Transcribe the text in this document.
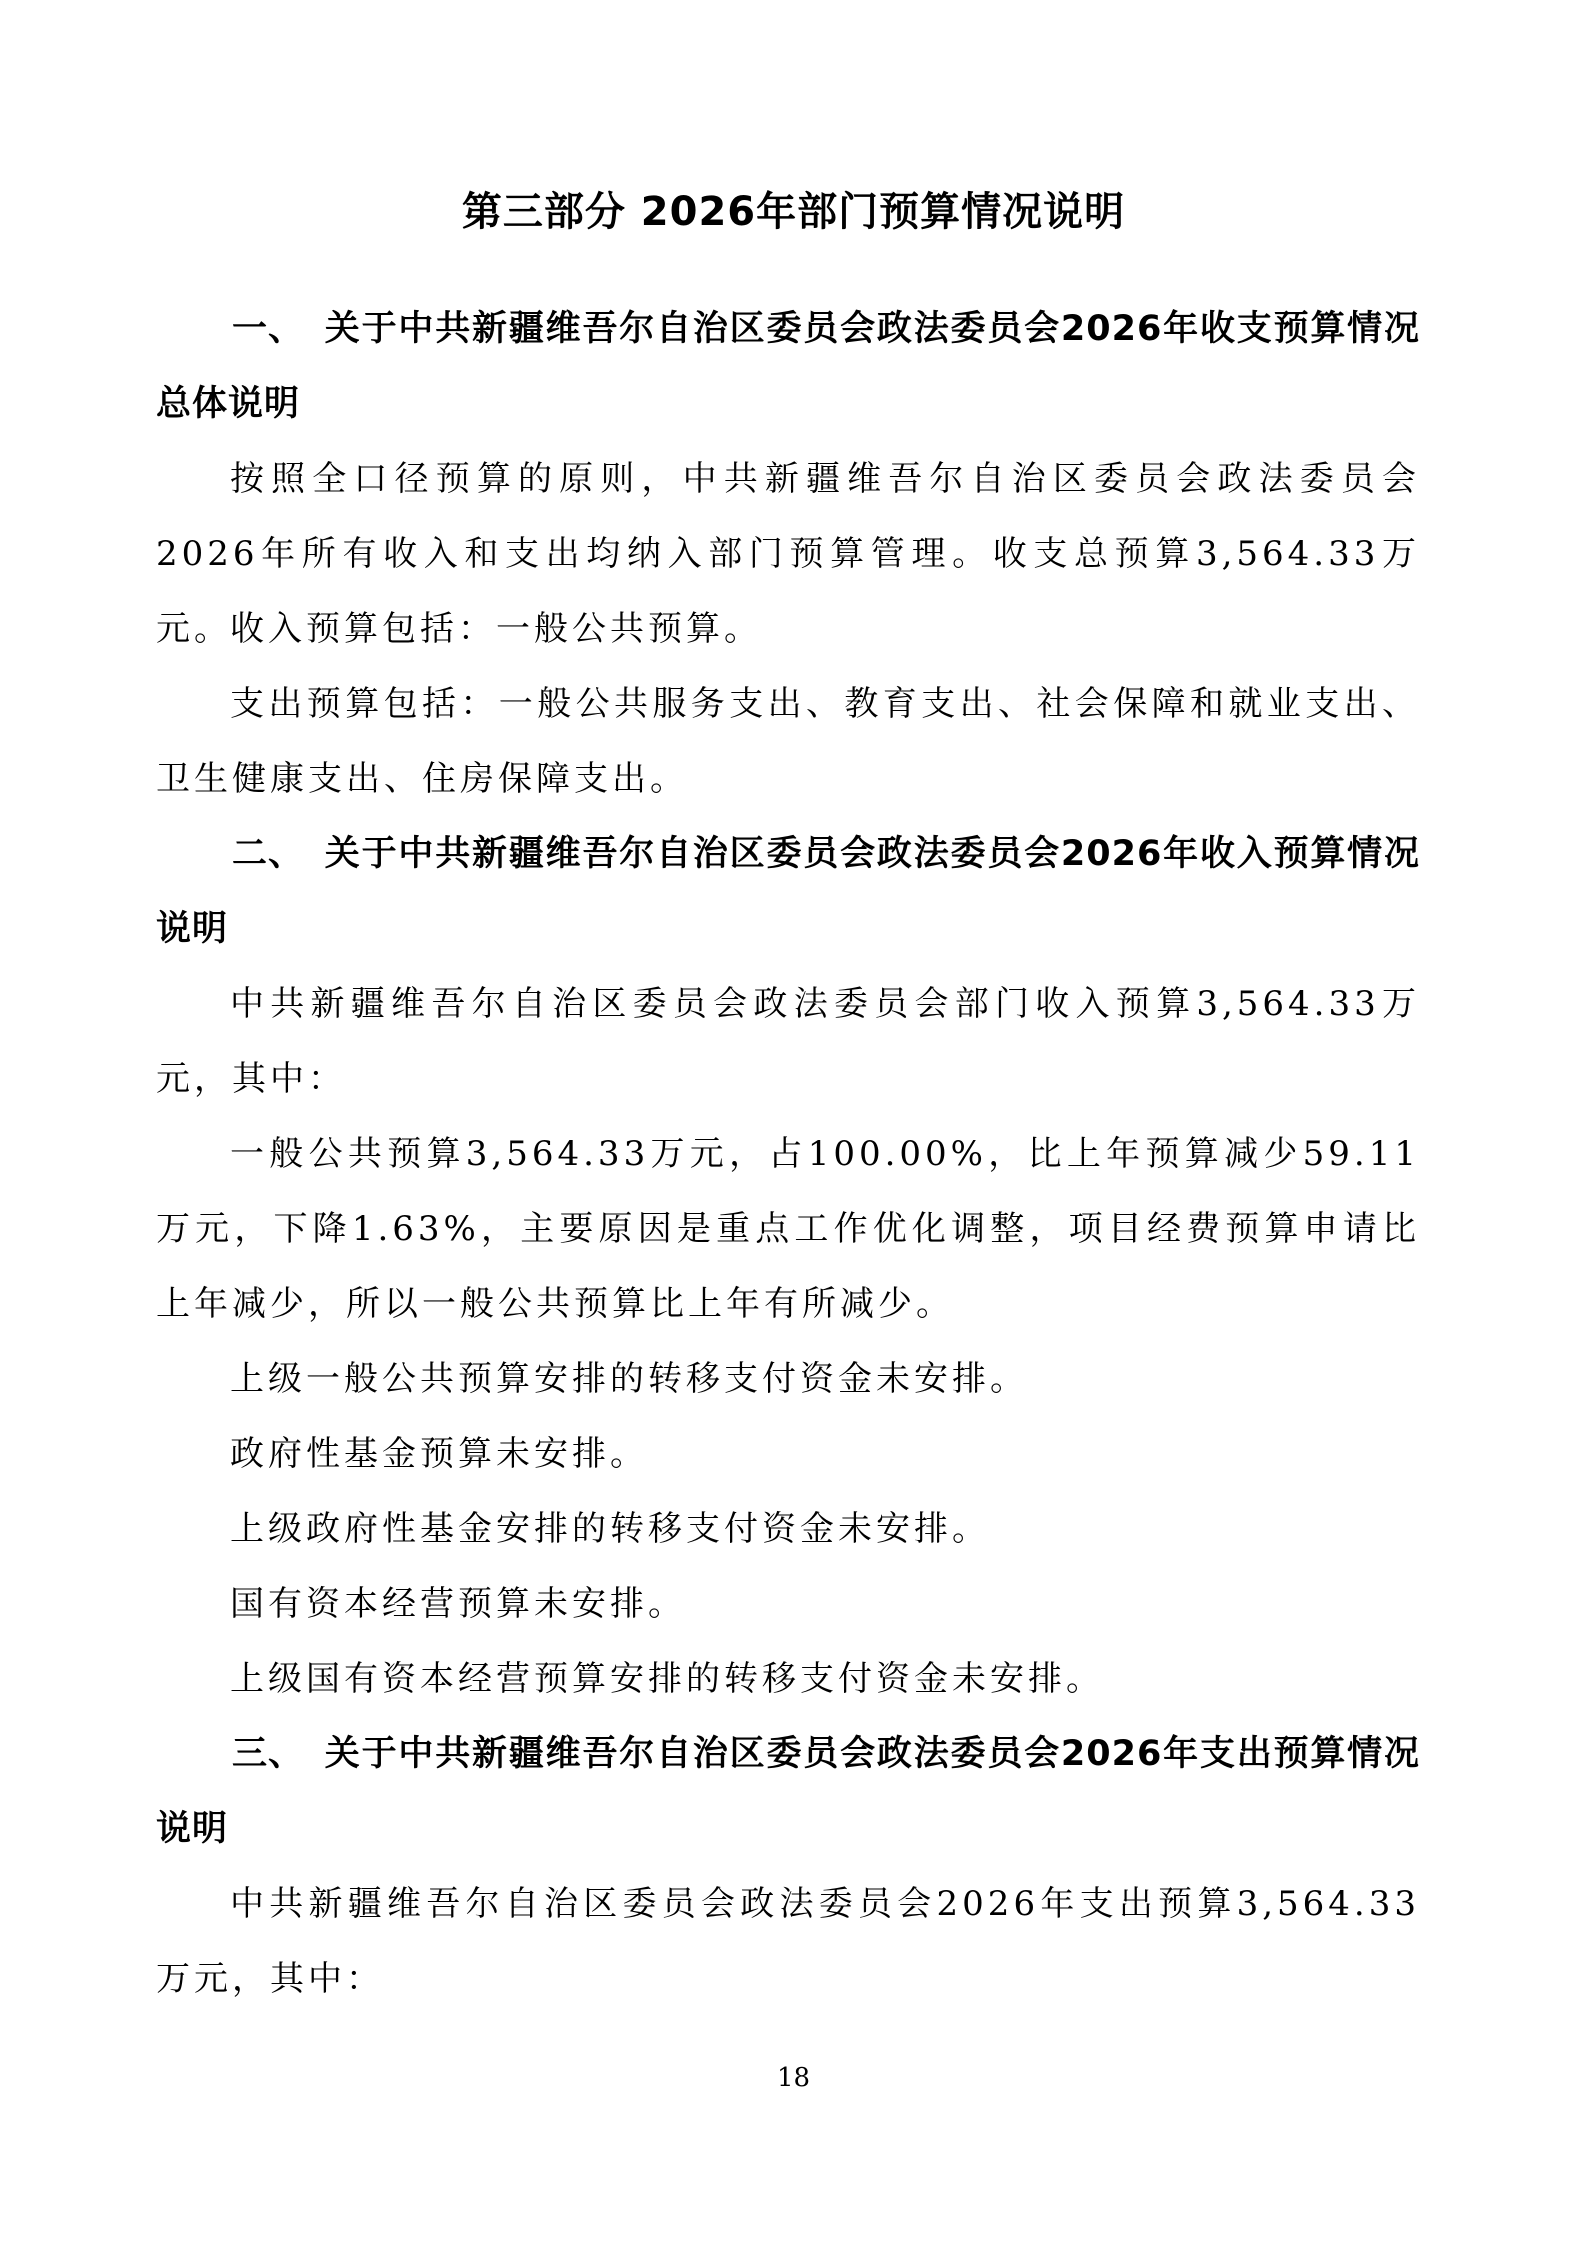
第三部分 2026年部门预算情况说明
一、 关于中共新疆维吾尔自治区委员会政法委员会2026年收支预算情况总体说明

按照全口径预算的原则，中共新疆维吾尔自治区委员会政法委员会2026年所有收入和支出均纳入部门预算管理。收支总预算3,564.33万元。

收入预算包括：一般公共预算。

支出预算包括：一般公共服务支出、教育支出、社会保障和就业支出、卫生健康支出、住房保障支出。

二、 关于中共新疆维吾尔自治区委员会政法委员会2026年收入预算情况说明

中共新疆维吾尔自治区委员会政法委员会部门收入预算3,564.33万元，其中：

一般公共预算3,564.33万元，占100.00%，比上年预算减少59.11万元，下降1.63%，主要原因是重点工作优化调整，项目经费预算申请比上年减少，所以一般公共预算比上年有所减少。

上级一般公共预算安排的转移支付资金未安排。

政府性基金预算未安排。

上级政府性基金安排的转移支付资金未安排。

国有资本经营预算未安排。

上级国有资本经营预算安排的转移支付资金未安排。

三、 关于中共新疆维吾尔自治区委员会政法委员会2026年支出预算情况说明

中共新疆维吾尔自治区委员会政法委员会2026年支出预算3,564.33万元，其中：

18
